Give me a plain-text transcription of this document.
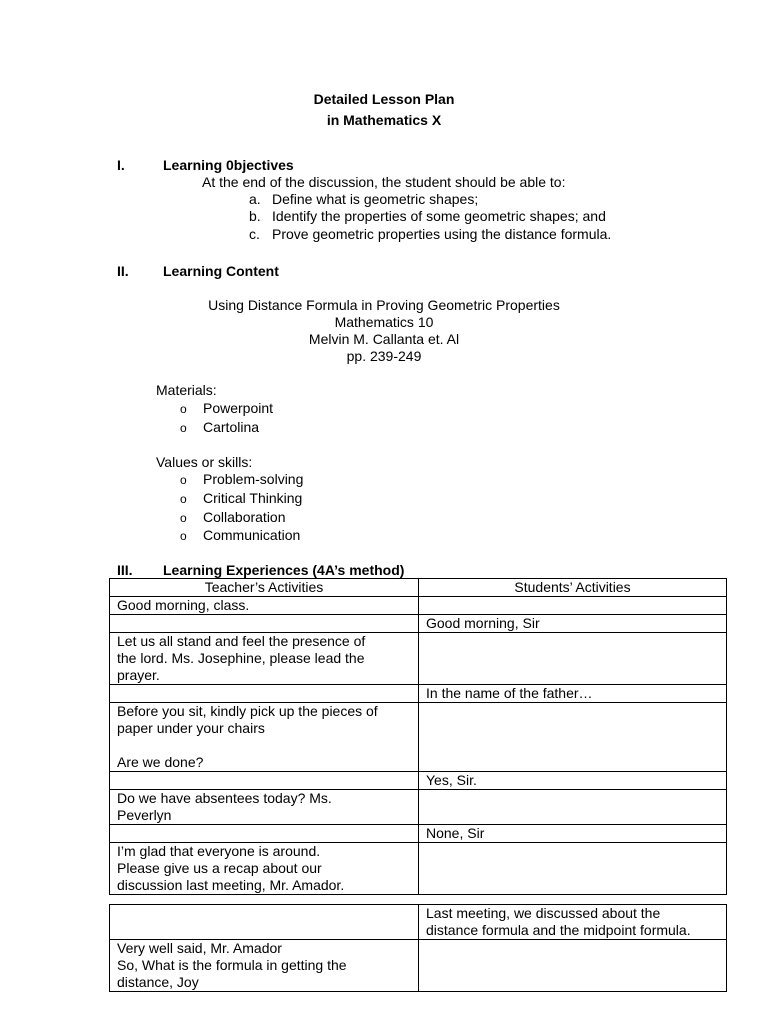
Detailed Lesson Plan
in Mathematics X
I.	Learning 0bjectives
At the end of the discussion, the student should be able to:
a. Define what is geometric shapes;
b. Identify the properties of some geometric shapes; and
c. Prove geometric properties using the distance formula.
II. Learning Content
Using Distance Formula in Proving Geometric Properties
Mathematics 10
Melvin M. Callanta et. Al
pp. 239-249
Materials:
o Powerpoint
o Cartolina
Values or skills:
o Problem-solving
o Critical Thinking
o Collaboration
o Communication
III. Learning Experiences (4A’s method)
Teacher’s Activities	Students’ Activities

Good morning, class.	

	Good morning, Sir

Let us all stand and feel the presence of
the lord. Ms. Josephine, please lead the
prayer.	

	In the name of the father…

Before you sit, kindly pick up the pieces of
paper under your chairs
Are we done?	

	Yes, Sir.

Do we have absentees today? Ms.
Peverlyn	

	None, Sir

I’m glad that everyone is around.
Please give us a recap about our
discussion last meeting, Mr. Amador.	

	Last meeting, we discussed about the
distance formula and the midpoint formula.

Very well said, Mr. Amador
So, What is the formula in getting the
distance, Joy	
